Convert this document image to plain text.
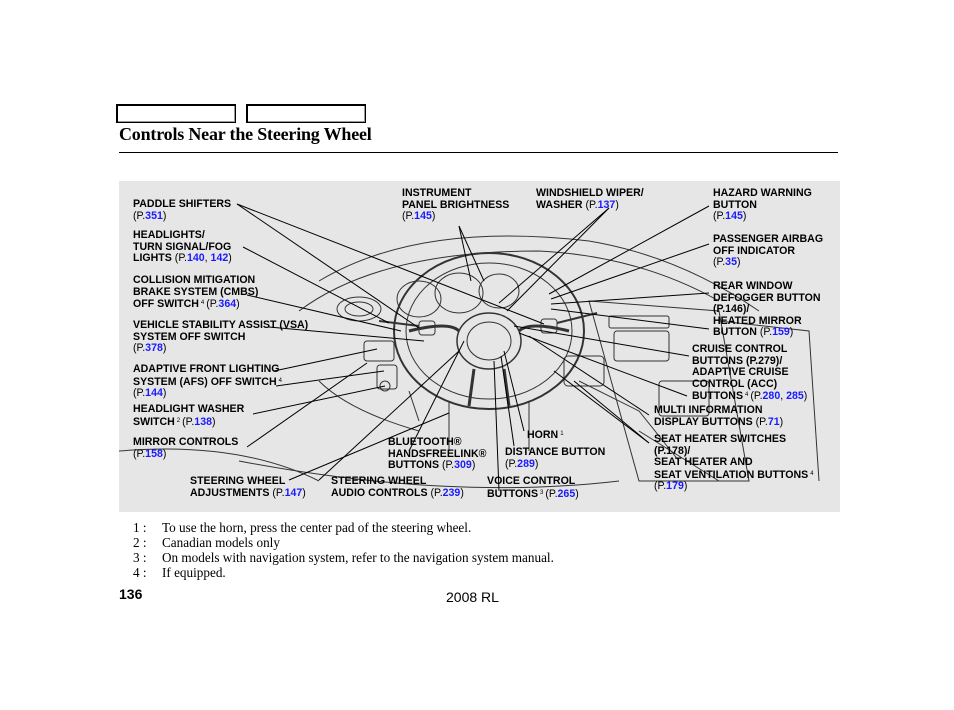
Controls Near the Steering Wheel
PADDLE SHIFTERS
(P.351)
HEADLIGHTS/
TURN SIGNAL/FOG
LIGHTS (P.140, 142)
COLLISION MITIGATION
BRAKE SYSTEM (CMBS)
OFF SWITCH $^4$ (P.364)
VEHICLE STABILITY ASSIST (VSA)
SYSTEM OFF SWITCH
(P.378)
ADAPTIVE FRONT LIGHTING
SYSTEM (AFS) OFF SWITCH $^4$
(P.144)
HEADLIGHT WASHER
SWITCH $^2$ (P.138)
MIRROR CONTROLS
(P.158)
STEERING WHEEL
ADJUSTMENTS (P.147)
STEERING WHEEL
AUDIO CONTROLS (P.239)
BLUETOOTH®
HANDSFREELINK®
BUTTONS (P.309)
INSTRUMENT
PANEL BRIGHTNESS
(P.145)
WINDSHIELD WIPER/
WASHER (P.137)
HORN $^1$
DISTANCE BUTTON
(P.289)
VOICE CONTROL
BUTTONS $^3$ (P.265)
HAZARD WARNING
BUTTON
(P.145)
PASSENGER AIRBAG
OFF INDICATOR
(P.35)
REAR WINDOW
DEFOGGER BUTTON
(P.146)/
HEATED MIRROR
BUTTON (P.159)
CRUISE CONTROL
BUTTONS (P.279)/
ADAPTIVE CRUISE
CONTROL (ACC)
BUTTONS $^4$ (P.280, 285)
MULTI INFORMATION
DISPLAY BUTTONS (P.71)
SEAT HEATER SWITCHES
(P.178)/
SEAT HEATER AND
SEAT VENTILATION BUTTONS $^4$
(P.179)
1 : To use the horn, press the center pad of the steering wheel.
2 : Canadian models only
3 : On models with navigation system, refer to the navigation system manual.
4 : If equipped.
136	2008 RL
